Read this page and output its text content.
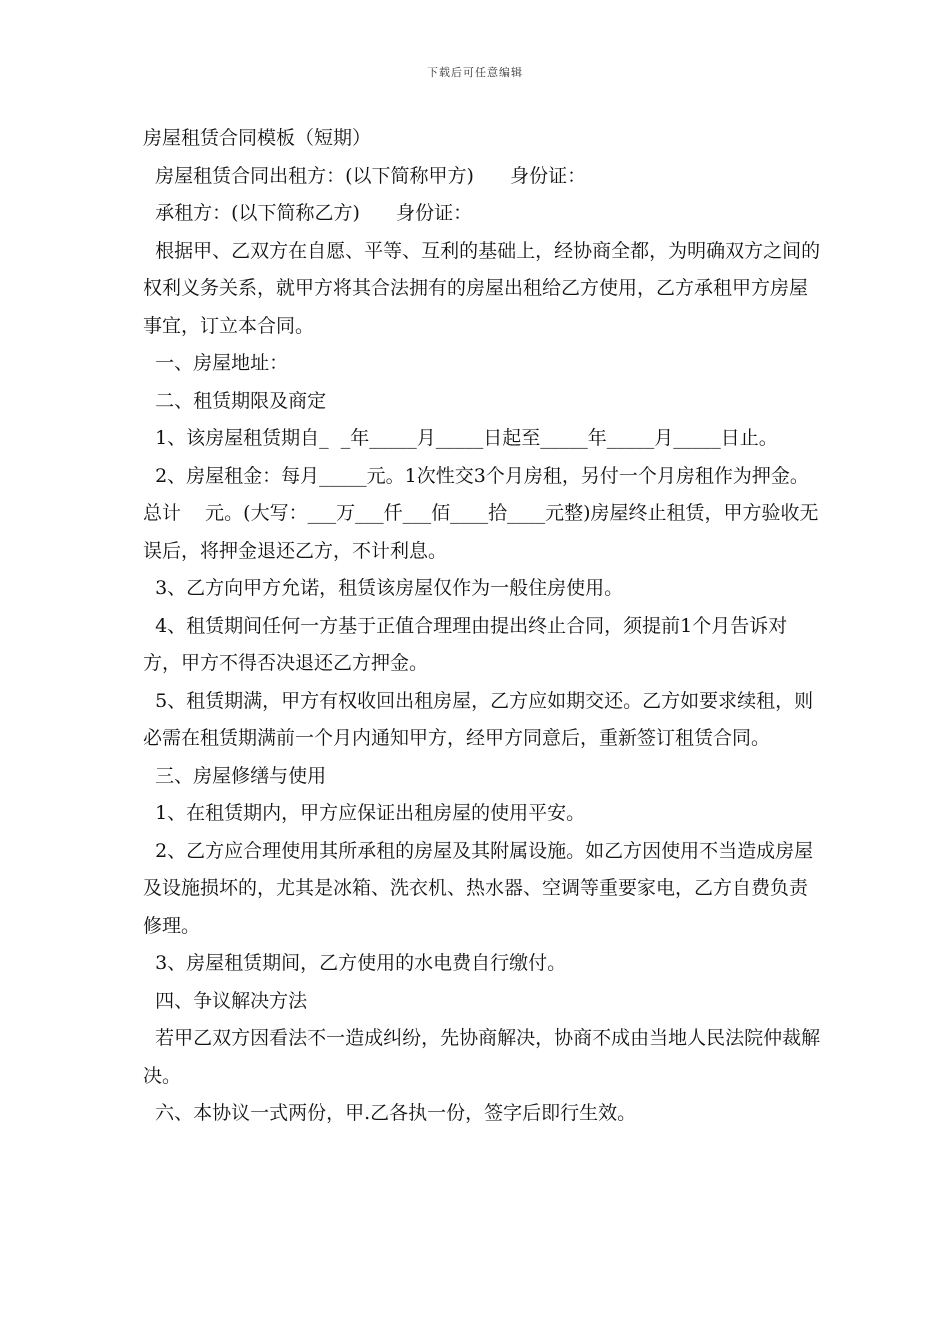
下载后可任意编辑

房屋租赁合同模板（短期）

房屋租赁合同出租方：(以下简称甲方)      身份证：

承租方：(以下简称乙方)      身份证：

根据甲、乙双方在自愿、平等、互利的基础上，经协商全都，为明确双方之间的权利义务关系，就甲方将其合法拥有的房屋出租给乙方使用，乙方承租甲方房屋事宜，订立本合同。

一、房屋地址：

二、租赁期限及商定

1、该房屋租赁期自_  _年_____月_____日起至_____年_____月_____日止。

2、房屋租金：每月_____元。1次性交3个月房租，另付一个月房租作为押金。总计    元。(大写：___万___仟___佰____拾____元整)房屋终止租赁，甲方验收无误后，将押金退还乙方，不计利息。

3、乙方向甲方允诺，租赁该房屋仅作为一般住房使用。

4、租赁期间任何一方基于正值合理理由提出终止合同，须提前1个月告诉对方，甲方不得否决退还乙方押金。

5、租赁期满，甲方有权收回出租房屋，乙方应如期交还。乙方如要求续租，则必需在租赁期满前一个月内通知甲方，经甲方同意后，重新签订租赁合同。

三、房屋修缮与使用

1、在租赁期内，甲方应保证出租房屋的使用平安。

2、乙方应合理使用其所承租的房屋及其附属设施。如乙方因使用不当造成房屋及设施损坏的，尤其是冰箱、洗衣机、热水器、空调等重要家电，乙方自费负责修理。

3、房屋租赁期间，乙方使用的水电费自行缴付。

四、争议解决方法

若甲乙双方因看法不一造成纠纷，先协商解决，协商不成由当地人民法院仲裁解决。

六、本协议一式两份，甲.乙各执一份，签字后即行生效。
